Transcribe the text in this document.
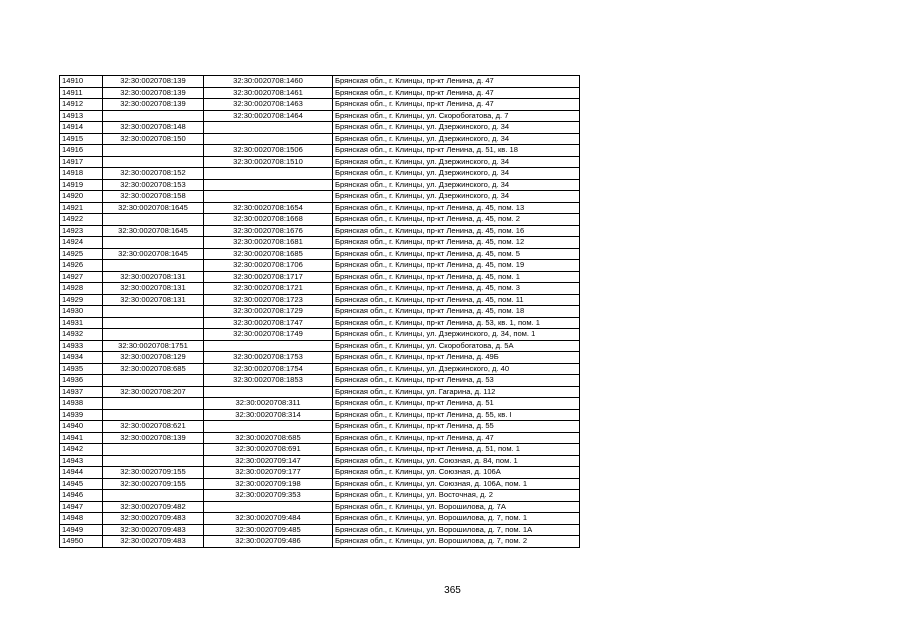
14910	32:30:0020708:139	32:30:0020708:1460	Брянская обл., г. Клинцы, пр-кт Ленина, д. 47
14911	32:30:0020708:139	32:30:0020708:1461	Брянская обл., г. Клинцы, пр-кт Ленина, д. 47
14912	32:30:0020708:139	32:30:0020708:1463	Брянская обл., г. Клинцы, пр-кт Ленина, д. 47
14913		32:30:0020708:1464	Брянская обл., г. Клинцы, ул. Скоробогатова, д. 7
14914	32:30:0020708:148		Брянская обл., г. Клинцы, ул. Дзержинского, д. 34
14915	32:30:0020708:150		Брянская обл., г. Клинцы, ул. Дзержинского, д. 34
14916		32:30:0020708:1506	Брянская обл., г. Клинцы, пр-кт Ленина, д. 51, кв. 18
14917		32:30:0020708:1510	Брянская обл., г. Клинцы, ул. Дзержинского, д. 34
14918	32:30:0020708:152		Брянская обл., г. Клинцы, ул. Дзержинского, д. 34
14919	32:30:0020708:153		Брянская обл., г. Клинцы, ул. Дзержинского, д. 34
14920	32:30:0020708:158		Брянская обл., г. Клинцы, ул. Дзержинского, д. 34
14921	32:30:0020708:1645	32:30:0020708:1654	Брянская обл., г. Клинцы, пр-кт Ленина, д. 45, пом. 13
14922		32:30:0020708:1668	Брянская обл., г. Клинцы, пр-кт Ленина, д. 45, пом. 2
14923	32:30:0020708:1645	32:30:0020708:1676	Брянская обл., г. Клинцы, пр-кт Ленина, д. 45, пом. 16
14924		32:30:0020708:1681	Брянская обл., г. Клинцы, пр-кт Ленина, д. 45, пом. 12
14925	32:30:0020708:1645	32:30:0020708:1685	Брянская обл., г. Клинцы, пр-кт Ленина, д. 45, пом. 5
14926		32:30:0020708:1706	Брянская обл., г. Клинцы, пр-кт Ленина, д. 45, пом. 19
14927	32:30:0020708:131	32:30:0020708:1717	Брянская обл., г. Клинцы, пр-кт Ленина, д. 45, пом. 1
14928	32:30:0020708:131	32:30:0020708:1721	Брянская обл., г. Клинцы, пр-кт Ленина, д. 45, пом. 3
14929	32:30:0020708:131	32:30:0020708:1723	Брянская обл., г. Клинцы, пр-кт Ленина, д. 45, пом. 11
14930		32:30:0020708:1729	Брянская обл., г. Клинцы, пр-кт Ленина, д. 45, пом. 18
14931		32:30:0020708:1747	Брянская обл., г. Клинцы, пр-кт Ленина, д. 53, кв. 1, пом. 1
14932		32:30:0020708:1749	Брянская обл., г. Клинцы, ул. Дзержинского, д. 34, пом. 1
14933	32:30:0020708:1751		Брянская обл., г. Клинцы, ул. Скоробогатова, д. 5А
14934	32:30:0020708:129	32:30:0020708:1753	Брянская обл., г. Клинцы, пр-кт Ленина, д. 49Б
14935	32:30:0020708:685	32:30:0020708:1754	Брянская обл., г. Клинцы, ул. Дзержинского, д. 40
14936		32:30:0020708:1853	Брянская обл., г. Клинцы, пр-кт Ленина, д. 53
14937	32:30:0020708:207		Брянская обл., г. Клинцы, ул. Гагарина, д. 112
14938		32:30:0020708:311	Брянская обл., г. Клинцы, пр-кт Ленина, д. 51
14939		32:30:0020708:314	Брянская обл., г. Клинцы, пр-кт Ленина, д. 55, кв. I
14940	32:30:0020708:621		Брянская обл., г. Клинцы, пр-кт Ленина, д. 55
14941	32:30:0020708:139	32:30:0020708:685	Брянская обл., г. Клинцы, пр-кт Ленина, д. 47
14942		32:30:0020708:691	Брянская обл., г. Клинцы, пр-кт Ленина, д. 51, пом. 1
14943		32:30:0020709:147	Брянская обл., г. Клинцы, ул. Союзная, д. 84, пом. 1
14944	32:30:0020709:155	32:30:0020709:177	Брянская обл., г. Клинцы, ул. Союзная, д. 106А
14945	32:30:0020709:155	32:30:0020709:198	Брянская обл., г. Клинцы, ул. Союзная, д. 106А, пом. 1
14946		32:30:0020709:353	Брянская обл., г. Клинцы, ул. Восточная, д. 2
14947	32:30:0020709:482		Брянская обл., г. Клинцы, ул. Ворошилова, д. 7А
14948	32:30:0020709:483	32:30:0020709:484	Брянская обл., г. Клинцы, ул. Ворошилова, д. 7, пом. 1
14949	32:30:0020709:483	32:30:0020709:485	Брянская обл., г. Клинцы, ул. Ворошилова, д. 7, пом. 1А
14950	32:30:0020709:483	32:30:0020709:486	Брянская обл., г. Клинцы, ул. Ворошилова, д. 7, пом. 2
365
